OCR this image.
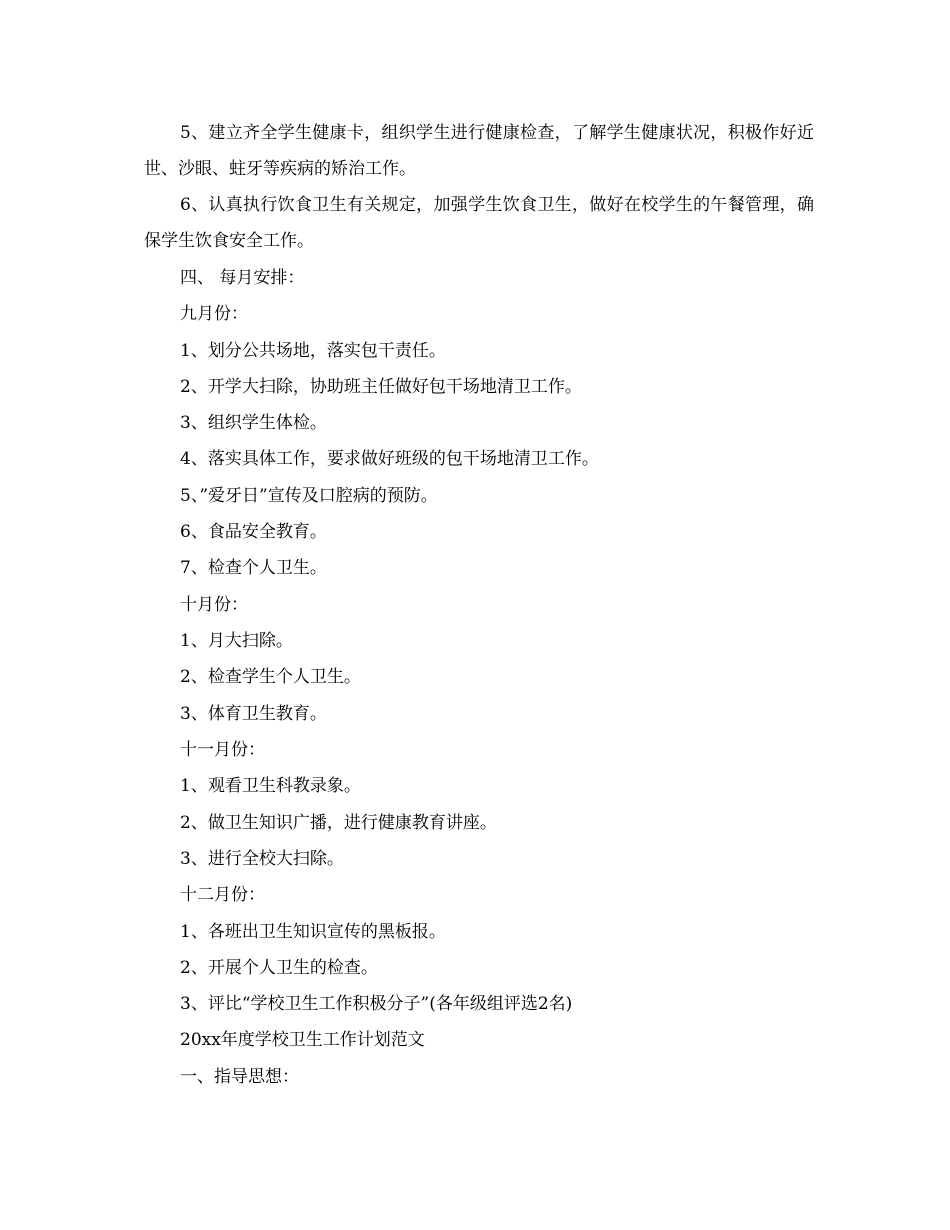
5、建立齐全学生健康卡，组织学生进行健康检查，了解学生健康状况，积极作好近世、沙眼、蛀牙等疾病的矫治工作。

6、认真执行饮食卫生有关规定，加强学生饮食卫生，做好在校学生的午餐管理，确保学生饮食安全工作。

四、 每月安排：

九月份：

1、划分公共场地，落实包干责任。

2、开学大扫除，协助班主任做好包干场地清卫工作。

3、组织学生体检。

4、落实具体工作，要求做好班级的包干场地清卫工作。

5、”爱牙日”宣传及口腔病的预防。

6、食品安全教育。

7、检查个人卫生。

十月份：

1、月大扫除。

2、检查学生个人卫生。

3、体育卫生教育。

十一月份：

1、观看卫生科教录象。

2、做卫生知识广播，进行健康教育讲座。

3、进行全校大扫除。

十二月份：

1、各班出卫生知识宣传的黑板报。

2、开展个人卫生的检查。

3、评比“学校卫生工作积极分子”(各年级组评选2名)

20xx年度学校卫生工作计划范文

一、指导思想：
